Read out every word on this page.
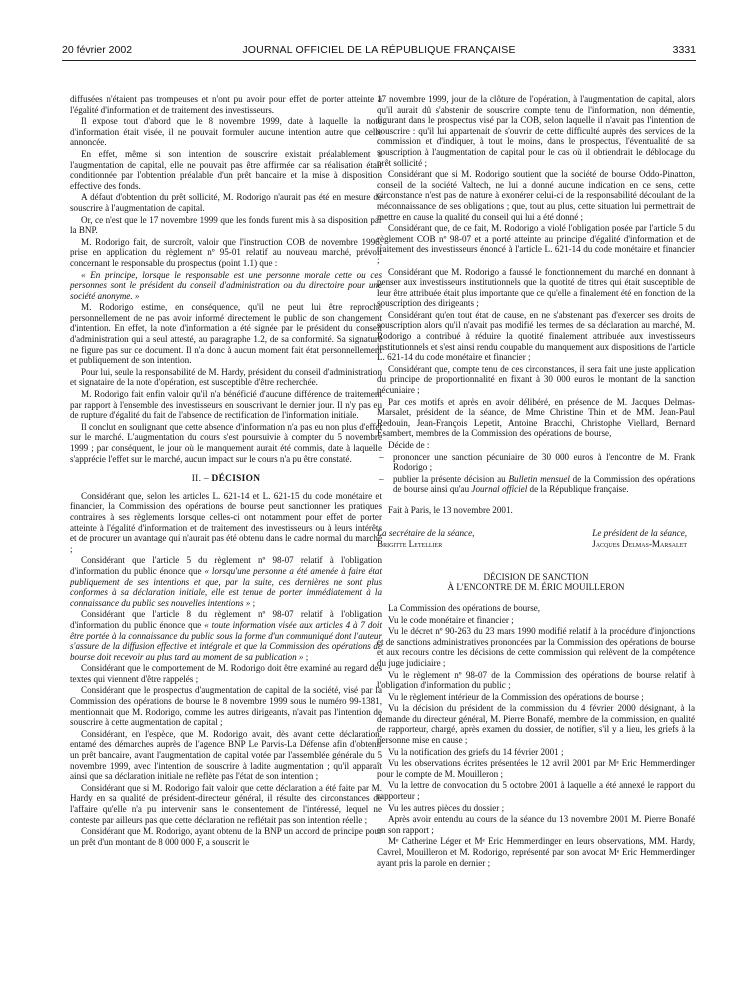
20 février 2002	JOURNAL OFFICIEL DE LA RÉPUBLIQUE FRANÇAISE	3331

diffusées n'étaient pas trompeuses et n'ont pu avoir pour effet de porter atteinte à l'égalité d'information et de traitement des investisseurs.

Il expose tout d'abord que le 8 novembre 1999, date à laquelle la note d'information était visée, il ne pouvait formuler aucune intention autre que celle annoncée.

En effet, même si son intention de souscrire existait préalablement à l'augmentation de capital, elle ne pouvait pas être affirmée car sa réalisation était conditionnée par l'obtention préalable d'un prêt bancaire et la mise à disposition effective des fonds.

A défaut d'obtention du prêt sollicité, M. Rodorigo n'aurait pas été en mesure de souscrire à l'augmentation de capital.

Or, ce n'est que le 17 novembre 1999 que les fonds furent mis à sa disposition par la BNP.

M. Rodorigo fait, de surcroît, valoir que l'instruction COB de novembre 1996, prise en application du règlement nº 95-01 relatif au nouveau marché, prévoit concernant le responsable du prospectus (point 1.1) que :

« En principe, lorsque le responsable est une personne morale cette ou ces personnes sont le président du conseil d'administration ou du directoire pour une société anonyme. »

M. Rodorigo estime, en conséquence, qu'il ne peut lui être reproché personnellement de ne pas avoir informé directement le public de son changement d'intention. En effet, la note d'information a été signée par le président du conseil d'administration qui a seul attesté, au paragraphe 1.2, de sa conformité. Sa signature ne figure pas sur ce document. Il n'a donc à aucun moment fait état personnellement et publiquement de son intention.

Pour lui, seule la responsabilité de M. Hardy, président du conseil d'administration et signataire de la note d'opération, est susceptible d'être recherchée.

M. Rodorigo fait enfin valoir qu'il n'a bénéficié d'aucune différence de traitement par rapport à l'ensemble des investisseurs en souscrivant le dernier jour. Il n'y pas eu de rupture d'égalité du fait de l'absence de rectification de l'information initiale.

Il conclut en soulignant que cette absence d'information n'a pas eu non plus d'effet sur le marché. L'augmentation du cours s'est poursuivie à compter du 5 novembre 1999 ; par conséquent, le jour où le manquement aurait été commis, date à laquelle s'apprécie l'effet sur le marché, aucun impact sur le cours n'a pu être constaté.

II. – DÉCISION

Considérant que, selon les articles L. 621-14 et L. 621-15 du code monétaire et financier, la Commission des opérations de bourse peut sanctionner les pratiques contraires à ses règlements lorsque celles-ci ont notamment pour effet de porter atteinte à l'égalité d'information et de traitement des investisseurs ou à leurs intérêts et de procurer un avantage qui n'aurait pas été obtenu dans le cadre normal du marché ;

Considérant que l'article 5 du règlement nº 98-07 relatif à l'obligation d'information du public énonce que « lorsqu'une personne a été amenée à faire état publiquement de ses intentions et que, par la suite, ces dernières ne sont plus conformes à sa déclaration initiale, elle est tenue de porter immédiatement à la connaissance du public ses nouvelles intentions » ;

Considérant que l'article 8 du règlement nº 98-07 relatif à l'obligation d'information du public énonce que « toute information visée aux articles 4 à 7 doit être portée à la connaissance du public sous la forme d'un communiqué dont l'auteur s'assure de la diffusion effective et intégrale et que la Commission des opérations de bourse doit recevoir au plus tard au moment de sa publication » ;

Considérant que le comportement de M. Rodorigo doit être examiné au regard des textes qui viennent d'être rappelés ;

Considérant que le prospectus d'augmentation de capital de la société, visé par la Commission des opérations de bourse le 8 novembre 1999 sous le numéro 99-1381, mentionnait que M. Rodorigo, comme les autres dirigeants, n'avait pas l'intention de souscrire à cette augmentation de capital ;

Considérant, en l'espèce, que M. Rodorigo avait, dès avant cette déclaration, entamé des démarches auprès de l'agence BNP Le Parvis-La Défense afin d'obtenir un prêt bancaire, avant l'augmentation de capital votée par l'assemblée générale du 5 novembre 1999, avec l'intention de souscrire à ladite augmentation ; qu'il apparaît ainsi que sa déclaration initiale ne reflète pas l'état de son intention ;

Considérant que si M. Rodorigo fait valoir que cette déclaration a été faite par M. Hardy en sa qualité de président-directeur général, il résulte des circonstances de l'affaire qu'elle n'a pu intervenir sans le consentement de l'intéressé, lequel ne conteste par ailleurs pas que cette déclaration ne reflétait pas son intention réelle ;

Considérant que M. Rodorigo, ayant obtenu de la BNP un accord de principe pour un prêt d'un montant de 8 000 000 F, a souscrit le

17 novembre 1999, jour de la clôture de l'opération, à l'augmentation de capital, alors qu'il aurait dû s'abstenir de souscrire compte tenu de l'information, non démentie, figurant dans le prospectus visé par la COB, selon laquelle il n'avait pas l'intention de souscrire : qu'il lui appartenait de s'ouvrir de cette difficulté auprès des services de la commission et d'indiquer, à tout le moins, dans le prospectus, l'éventualité de sa souscription à l'augmentation de capital pour le cas où il obtiendrait le déblocage du prêt sollicité ;

Considérant que si M. Rodorigo soutient que la société de bourse Oddo-Pinatton, conseil de la société Valtech, ne lui a donné aucune indication en ce sens, cette circonstance n'est pas de nature à exonérer celui-ci de la responsabilité découlant de la méconnaissance de ses obligations ; que, tout au plus, cette situation lui permettrait de mettre en cause la qualité du conseil qui lui a été donné ;

Considérant que, de ce fait, M. Rodorigo a violé l'obligation posée par l'article 5 du règlement COB nº 98-07 et a porté atteinte au principe d'égalité d'information et de traitement des investisseurs énoncé à l'article L. 621-14 du code monétaire et financier ;

Considérant que M. Rodorigo a faussé le fonctionnement du marché en donnant à penser aux investisseurs institutionnels que la quotité de titres qui était susceptible de leur être attribuée était plus importante que ce qu'elle a finalement été en fonction de la souscription des dirigeants ;

Considérant qu'en tout état de cause, en ne s'abstenant pas d'exercer ses droits de souscription alors qu'il n'avait pas modifié les termes de sa déclaration au marché, M. Rodorigo a contribué à réduire la quotité finalement attribuée aux investisseurs institutionnels et s'est ainsi rendu coupable du manquement aux dispositions de l'article L. 621-14 du code monétaire et financier ;

Considérant que, compte tenu de ces circonstances, il sera fait une juste application du principe de proportionnalité en fixant à 30 000 euros le montant de la sanction pécuniaire ;

Par ces motifs et après en avoir délibéré, en présence de M. Jacques Delmas-Marsalet, président de la séance, de Mme Christine Thin et de MM. Jean-Paul Redouin, Jean-François Lepetit, Antoine Bracchi, Christophe Viellard, Bernard Esambert, membres de la Commission des opérations de bourse,

Décide de :

–	prononcer une sanction pécuniaire de 30 000 euros à l'encontre de M. Frank Rodorigo ;
–	publier la présente décision au Bulletin mensuel de la Commission des opérations de bourse ainsi qu'au Journal officiel de la République française.

Fait à Paris, le 13 novembre 2001.

La secrétaire de la séance,
Brigitte Letellier
Le président de la séance,
Jacques Delmas-Marsalet
DÉCISION DE SANCTION
À L'ENCONTRE DE M. ÉRIC MOUILLERON

La Commission des opérations de bourse,

Vu le code monétaire et financier ;

Vu le décret nº 90-263 du 23 mars 1990 modifié relatif à la procédure d'injonctions et de sanctions administratives prononcées par la Commission des opérations de bourse et aux recours contre les décisions de cette commission qui relèvent de la compétence du juge judiciaire ;

Vu le règlement nº 98-07 de la Commission des opérations de bourse relatif à l'obligation d'information du public ;

Vu le règlement intérieur de la Commission des opérations de bourse ;

Vu la décision du président de la commission du 4 février 2000 désignant, à la demande du directeur général, M. Pierre Bonafé, membre de la commission, en qualité de rapporteur, chargé, après examen du dossier, de notifier, s'il y a lieu, les griefs à la personne mise en cause ;

Vu la notification des griefs du 14 février 2001 ;

Vu les observations écrites présentées le 12 avril 2001 par Mᵉ Eric Hemmerdinger pour le compte de M. Mouilleron ;

Vu la lettre de convocation du 5 octobre 2001 à laquelle a été annexé le rapport du rapporteur ;

Vu les autres pièces du dossier ;

Après avoir entendu au cours de la séance du 13 novembre 2001 M. Pierre Bonafé en son rapport ;

Mᵉ Catherine Léger et Mᵉ Eric Hemmerdinger en leurs observations, MM. Hardy, Cavrel, Mouilleron et M. Rodorigo, représenté par son avocat Mᵉ Eric Hemmerdinger ayant pris la parole en dernier ;
